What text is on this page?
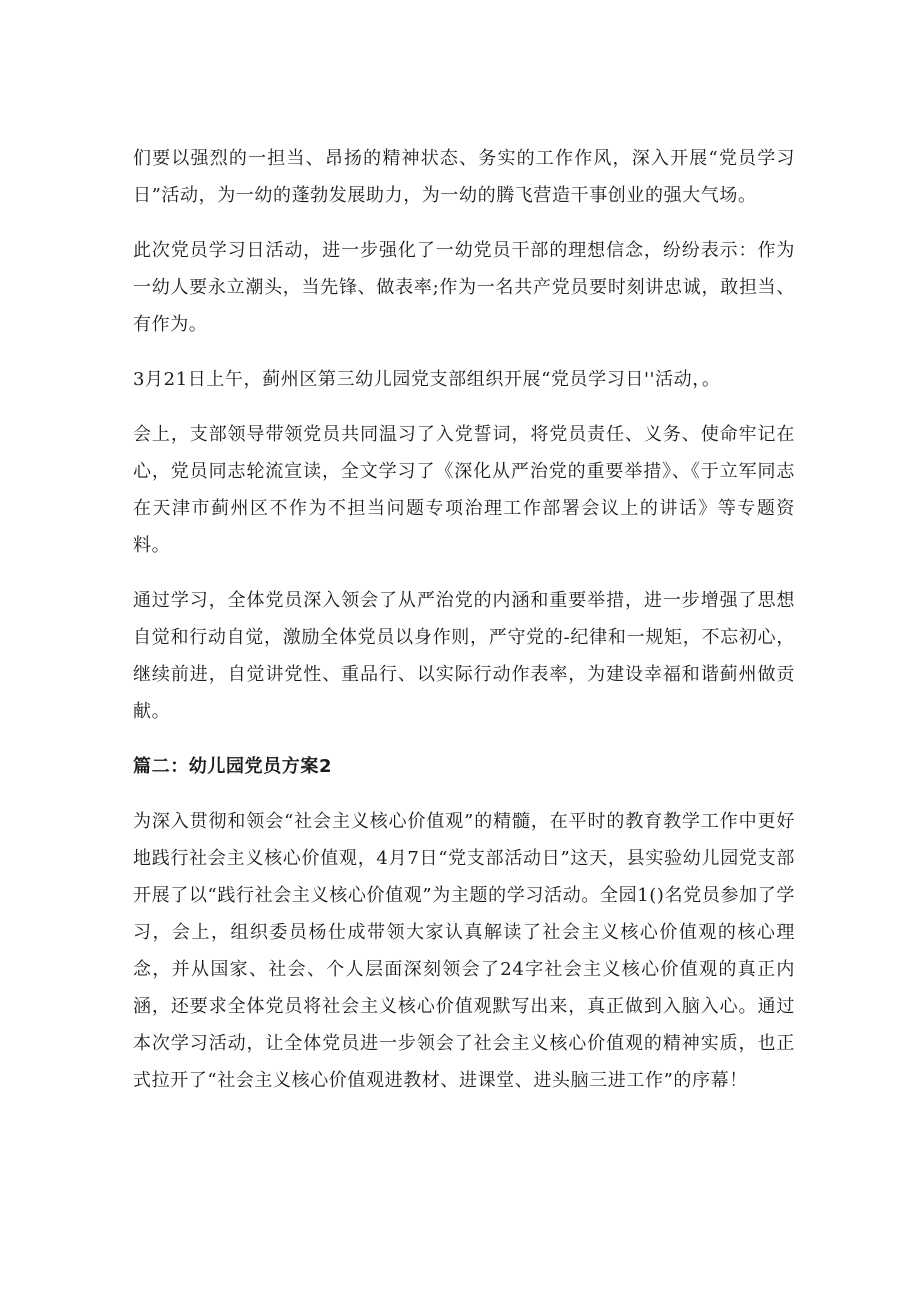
们要以强烈的一担当、昂扬的精神状态、务实的工作作风，深入开展“党员学习日”活动，为一幼的蓬勃发展助力，为一幼的腾飞营造干事创业的强大气场。

此次党员学习日活动，进一步强化了一幼党员干部的理想信念，纷纷表示：作为一幼人要永立潮头，当先锋、做表率;作为一名共产党员要时刻讲忠诚，敢担当、有作为。

3月21日上午，蓟州区第三幼儿园党支部组织开展“党员学习日''活动，。

会上，支部领导带领党员共同温习了入党誓词，将党员责任、义务、使命牢记在心，党员同志轮流宣读，全文学习了《深化从严治党的重要举措》、《于立军同志在天津市蓟州区不作为不担当问题专项治理工作部署会议上的讲话》等专题资料。

通过学习，全体党员深入领会了从严治党的内涵和重要举措，进一步增强了思想自觉和行动自觉，激励全体党员以身作则，严守党的-纪律和一规矩，不忘初心，继续前进，自觉讲党性、重品行、以实际行动作表率，为建设幸福和谐蓟州做贡献。

篇二：幼儿园党员方案2

为深入贯彻和领会“社会主义核心价值观”的精髓，在平时的教育教学工作中更好地践行社会主义核心价值观，4月7日“党支部活动日”这天，县实验幼儿园党支部开展了以“践行社会主义核心价值观”为主题的学习活动。全园1()名党员参加了学习，会上，组织委员杨仕成带领大家认真解读了社会主义核心价值观的核心理念，并从国家、社会、个人层面深刻领会了24字社会主义核心价值观的真正内涵，还要求全体党员将社会主义核心价值观默写出来，真正做到入脑入心。通过本次学习活动，让全体党员进一步领会了社会主义核心价值观的精神实质，也正式拉开了“社会主义核心价值观进教材、进课堂、进头脑三进工作”的序幕！
